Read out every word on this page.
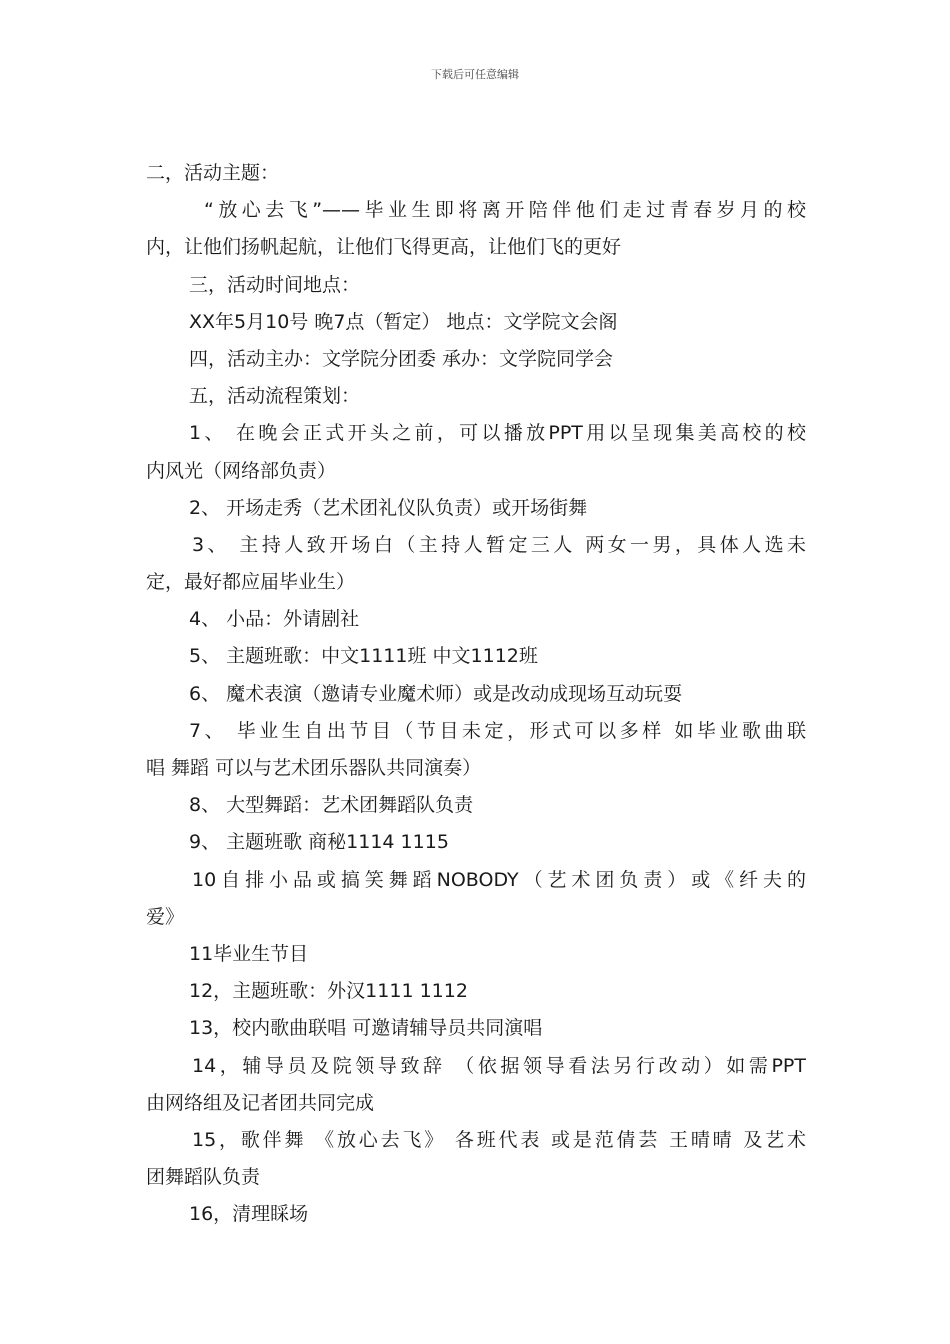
下载后可任意编辑
二，活动主题：
“放心去飞”——毕业生即将离开陪伴他们走过青春岁月的校
内，让他们扬帆起航，让他们飞得更高，让他们飞的更好
三，活动时间地点：
XX年5月10号 晚7点（暂定） 地点：文学院文会阁
四，活动主办：文学院分团委 承办：文学院同学会
五，活动流程策划：
1、 在晚会正式开头之前，可以播放PPT用以呈现集美高校的校
内风光（网络部负责）
2、 开场走秀（艺术团礼仪队负责）或开场街舞
3、 主持人致开场白（主持人暂定三人 两女一男，具体人选未
定，最好都应届毕业生）
4、 小品：外请剧社
5、 主题班歌：中文1111班 中文1112班
6、 魔术表演（邀请专业魔术师）或是改动成现场互动玩耍
7、 毕业生自出节目（节目未定，形式可以多样 如毕业歌曲联
唱 舞蹈 可以与艺术团乐器队共同演奏）
8、 大型舞蹈：艺术团舞蹈队负责
9、 主题班歌 商秘1114 1115
10自排小品或搞笑舞蹈NOBODY（艺术团负责）或《纤夫的
爱》
11毕业生节目
12，主题班歌：外汉1111 1112
13，校内歌曲联唱 可邀请辅导员共同演唱
14，辅导员及院领导致辞 （依据领导看法另行改动）如需PPT
由网络组及记者团共同完成
15，歌伴舞 《放心去飞》 各班代表 或是范倩芸 王晴晴 及艺术
团舞蹈队负责
16，清理睬场
